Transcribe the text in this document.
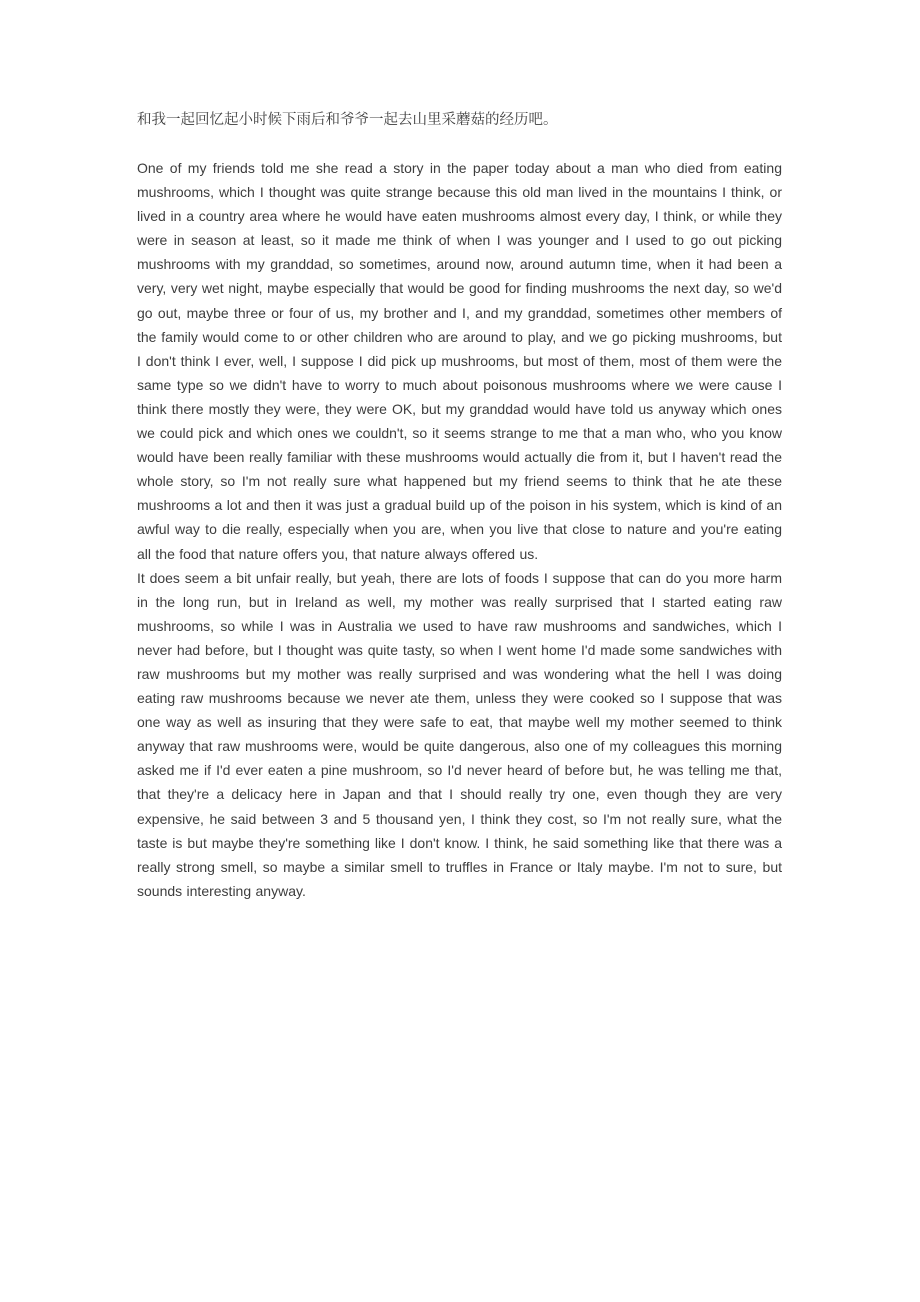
和我一起回忆起小时候下雨后和爷爷一起去山里采蘑菇的经历吧。

One of my friends told me she read a story in the paper today about a man who died from eating mushrooms, which I thought was quite strange because this old man lived in the mountains I think, or lived in a country area where he would have eaten mushrooms almost every day, I think, or while they were in season at least, so it made me think of when I was younger and I used to go out picking mushrooms with my granddad, so sometimes, around now, around autumn time, when it had been a very, very wet night, maybe especially that would be good for finding mushrooms the next day, so we'd go out, maybe three or four of us, my brother and I, and my granddad, sometimes other members of the family would come to or other children who are around to play, and we go picking mushrooms, but I don't think I ever, well, I suppose I did pick up mushrooms, but most of them, most of them were the same type so we didn't have to worry to much about poisonous mushrooms where we were cause I think there mostly they were, they were OK, but my granddad would have told us anyway which ones we could pick and which ones we couldn't, so it seems strange to me that a man who, who you know would have been really familiar with these mushrooms would actually die from it, but I haven't read the whole story, so I'm not really sure what happened but my friend seems to think that he ate these mushrooms a lot and then it was just a gradual build up of the poison in his system, which is kind of an awful way to die really, especially when you are, when you live that close to nature and you're eating all the food that nature offers you, that nature always offered us.

It does seem a bit unfair really, but yeah, there are lots of foods I suppose that can do you more harm in the long run, but in Ireland as well, my mother was really surprised that I started eating raw mushrooms, so while I was in Australia we used to have raw mushrooms and sandwiches, which I never had before, but I thought was quite tasty, so when I went home I'd made some sandwiches with raw mushrooms but my mother was really surprised and was wondering what the hell I was doing eating raw mushrooms because we never ate them, unless they were cooked so I suppose that was one way as well as insuring that they were safe to eat, that maybe well my mother seemed to think anyway that raw mushrooms were, would be quite dangerous, also one of my colleagues this morning asked me if I'd ever eaten a pine mushroom, so I'd never heard of before but, he was telling me that, that they're a delicacy here in Japan and that I should really try one, even though they are very expensive, he said between 3 and 5 thousand yen, I think they cost, so I'm not really sure, what the taste is but maybe they're something like I don't know. I think, he said something like that there was a really strong smell, so maybe a similar smell to truffles in France or Italy maybe. I'm not to sure, but sounds interesting anyway.
